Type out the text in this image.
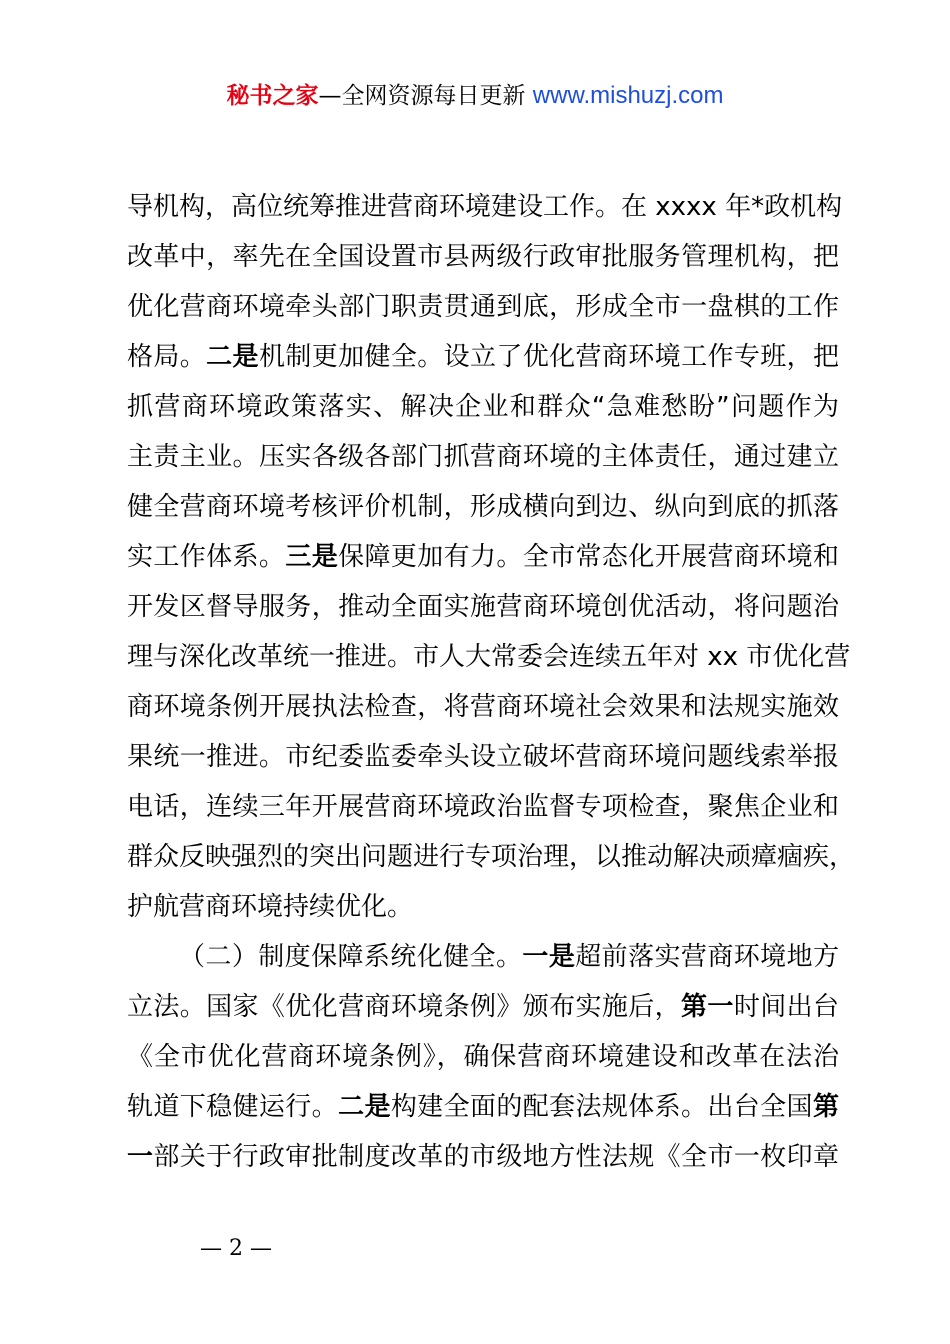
秘书之家—全网资源每日更新 www.mishuzj.com
导机构，高位统筹推进营商环境建设工作。在 xxxx 年*政机构
改革中，率先在全国设置市县两级行政审批服务管理机构，把
优化营商环境牵头部门职责贯通到底，形成全市一盘棋的工作
格局。二是机制更加健全。设立了优化营商环境工作专班，把
抓营商环境政策落实、解决企业和群众“急难愁盼”问题作为
主责主业。压实各级各部门抓营商环境的主体责任，通过建立
健全营商环境考核评价机制，形成横向到边、纵向到底的抓落
实工作体系。三是保障更加有力。全市常态化开展营商环境和
开发区督导服务，推动全面实施营商环境创优活动，将问题治
理与深化改革统一推进。市人大常委会连续五年对 xx 市优化营
商环境条例开展执法检查，将营商环境社会效果和法规实施效
果统一推进。市纪委监委牵头设立破坏营商环境问题线索举报
电话，连续三年开展营商环境政治监督专项检查，聚焦企业和
群众反映强烈的突出问题进行专项治理，以推动解决顽瘴痼疾，
护航营商环境持续优化。
（二）制度保障系统化健全。一是超前落实营商环境地方
立法。国家《优化营商环境条例》颁布实施后，第一时间出台
《全市优化营商环境条例》，确保营商环境建设和改革在法治
轨道下稳健运行。二是构建全面的配套法规体系。出台全国第
一部关于行政审批制度改革的市级地方性法规《全市一枚印章
— 2 —
